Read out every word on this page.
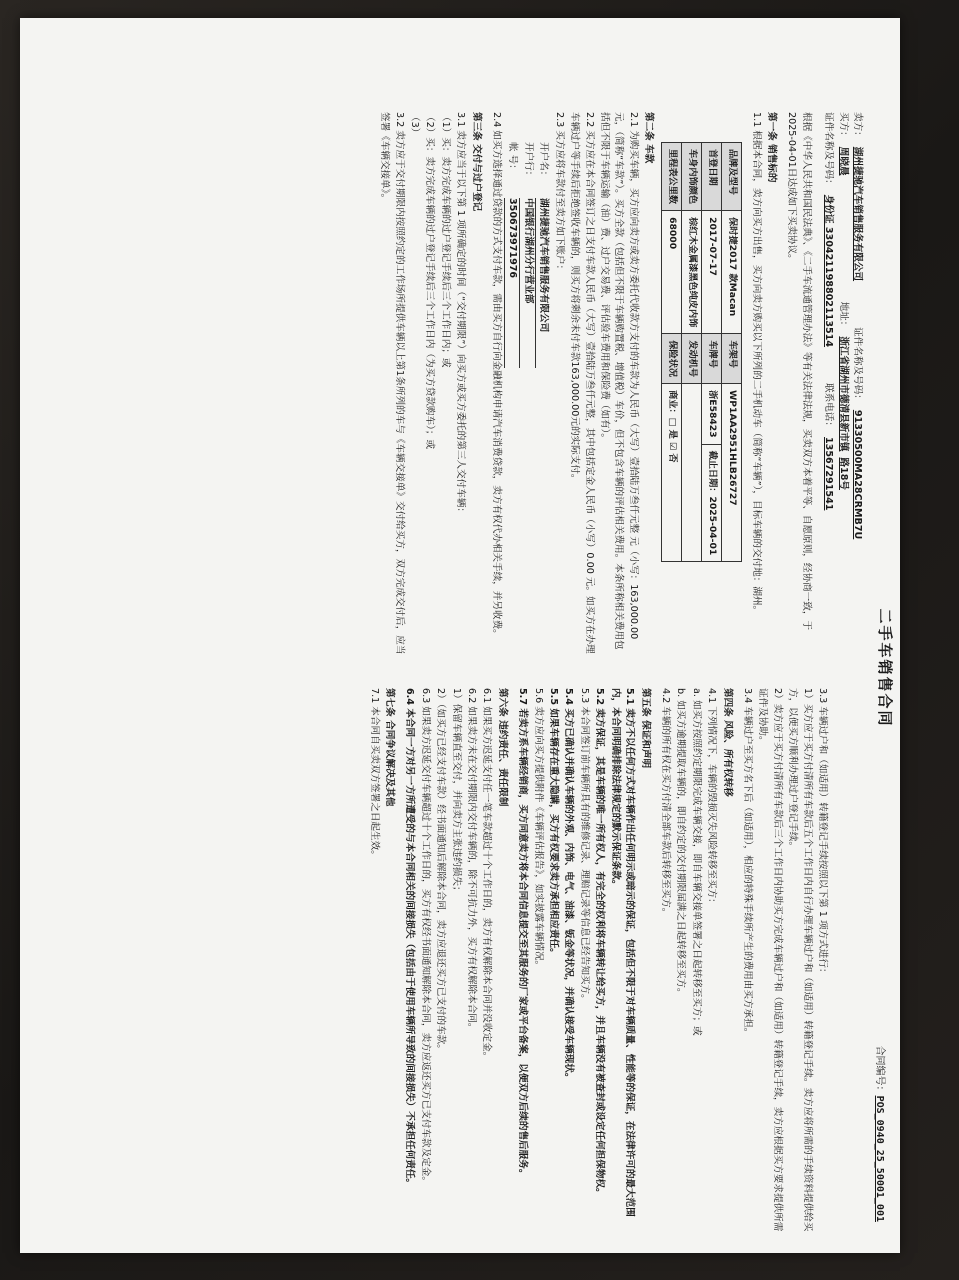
二手车销售合同
合同编号：POS_0940_25_50001_001
卖方：
湖州捷驰汽车销售服务有限公司
证件名称及号码：
91330500MA28CRMB7U
买方：
周晓晨
地址：
浙江省湖州市德清县新市镇
路18号
证件名称及号码：
身份证 330421198802113514
联系电话：
13567291541
根据《中华人民共和国民法典》、《二手车流通管理办法》等有关法律法规，买卖双方本着平等、自愿原则，经协商一致，于2025-04-01日达成如下买卖协议。
第一条 销售标的
1.1 根据本合同，卖方向买方出售，买方向卖方购买以下所列的二手机动车（简称“车辆”），目标车辆的交付地：湖州。
品牌及型号	保时捷2017 款Macan	车架号	WP1AA2951HLB26727	
首登日期	2017-07-17	车牌号	浙E58423	截止日期：2025-04-01
车身内饰颜色	棕红木金属漆黑色纯皮内饰	发动机号		
里程表公里数	68000	保险状况	商业：□ 是 ☑ 否	
第二条 车款
2.1 为购买车辆，买方应向卖方或卖方委托代收款方支付的车款为人民币（大写）壹拾陆万叁仟元整 元（小写：163,000.00元，（简称“车款”）。买方全款（包括但不限于车辆购置税、增值税）车价，但不包含车辆的评估相关费用。本条所称相关费用包括但不限于车辆运输（油）费、过户交易费、评估验车费用和保险费（如有）。
2.2 买方应在本合同签订之日支付车款人民币（大写）壹拾陆万叁仟元整，其中包括定金人民币（小写）0.00 元。如买方在办理车辆过户等手续后拒绝签收车辆的，则买方将剩余未付车款163,000.00元的实际支付。
2.3 买方应将车款付至卖方如下账户：
开户名：湖州捷驰汽车销售服务有限公司
开户行：中国银行湖州分行营业部
帐 号：350673971976
2.4 如买方选择通过贷款的方式支付车款，需由买方自行向金融机构申请汽车消费贷款，卖方有权代办相关手续，并另收费。
第三条 交付与过户登记
3.1 卖方应当于以下第 1 项所确定的时间（“交付期限”）向买方或买方委托的第三人交付车辆：
（1）买：卖方完成车辆的过户登记手续后三个工作日内；或
（2）买：卖方完成车辆的过户登记手续后三个工作日内（为买方贷款购车）；或
（3）
3.2 卖方应于交付期限内按照约定的工作场所提供车辆以上第1条所列的车与《车辆交接单》交付给买方，双方完成交付后，应当签署《车辆交接单》。
3.3 车辆过户和（如适用）转籍登记手续按照以下第 1 项方式进行：
1）买方应于买方付清所有车款后五个工作日内自行办理车辆过户和（如适用）转籍登记手续。卖方应将所需的手续资料提供给买方，以便买方顺利办理过户登记手续。
2）卖方应于买方付清所有车款后三个工作日内协助买方完成车辆过户和（如适用）转籍登记手续，卖方应根据买方要求提供所需证件及协助。
3.4 车辆过户至买方名下后（如适用），相应的特殊手续所产生的费用由买方承担。
第四条 风险、所有权转移
4.1 下列情况下，车辆的毁损灭失风险转移至买方：
a. 如买方按照约定期限完成车辆交接，即自车辆交接单签署之日起转移至买方；或
b. 如买方逾期提取车辆的，即自约定的交付期限届满之日起转移至买方。
4.2 车辆的所有权在买方付清全部车款后转移至买方。
第五条 保证和声明
5.1 卖方不以任何方式对车辆作出任何明示或暗示的保证，包括但不限于对车辆质量、性能等的保证，在法律许可的最大范围内，本合同明确排除法律规定的默示保证条款。
5.2 卖方保证，其是车辆的唯一所有权人，有完全的权利将车辆转让给买方，并且车辆没有被查封或设定任何担保物权。
5.3 本合同签订前车辆所具有的维修记录、理赔记录等信息已经告知买方。
5.4 买方已确认并确认车辆的外观、内饰、电气、油漆、钣金等状况，并确认接受车辆现状。
5.5 如果车辆存在重大隐瞒，买方有权要求卖方承担相应责任。
5.6 卖方应向买方提供附件《车辆评估报告》，如实披露车辆情况。
5.7 若卖方系车辆经销商，买方同意卖方将本合同信息提交至其服务的厂家或平台备案，以便双方后续的售后服务。
第六条 违约责任、责任限制
6.1 如果买方迟延支付任一笔车款超过十个工作日的，卖方有权解除本合同并没收定金。
6.2 如果卖方未在交付期限内交付车辆的，除不可抗力外，买方有权解除本合同。
1）保留车辆直至交付，并向卖方主张违约损失；
2）（如买方已经支付车款）经书面通知后解除本合同，卖方应退还买方已支付的车款。
6.3 如果卖方迟延交付车辆超过十个工作日的，买方有权经书面通知解除本合同，卖方应返还买方已支付车款及定金。
6.4 本合同一方对另一方所遭受的与本合同相关的间接损失（包括由于使用车辆所导致的间接损失）不承担任何责任。
第七条 合同争议解决及其他
7.1 本合同自买卖双方签署之日起生效。
